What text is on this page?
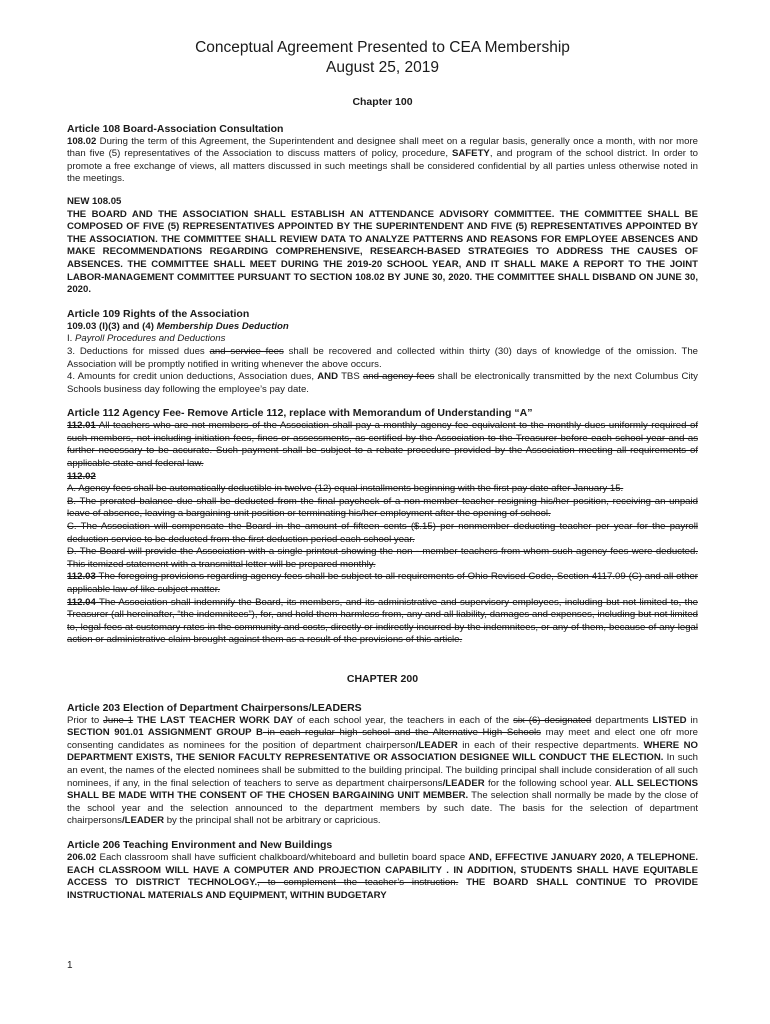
Conceptual Agreement Presented to CEA Membership
August 25, 2019
Chapter 100
Article 108 Board-Association Consultation

108.02 During the term of this Agreement, the Superintendent and designee shall meet on a regular basis, generally once a month, with nor more than five (5) representatives of the Association to discuss matters of policy, procedure, SAFETY, and program of the school district. In order to promote a free exchange of views, all matters discussed in such meetings shall be considered confidential by all parties unless otherwise noted in the meetings.

NEW 108.05

THE BOARD AND THE ASSOCIATION SHALL ESTABLISH AN ATTENDANCE ADVISORY COMMITTEE. THE COMMITTEE SHALL BE COMPOSED OF FIVE (5) REPRESENTATIVES APPOINTED BY THE SUPERINTENDENT AND FIVE (5) REPRESENTATIVES APPOINTED BY THE ASSOCIATION. THE COMMITTEE SHALL REVIEW DATA TO ANALYZE PATTERNS AND REASONS FOR EMPLOYEE ABSENCES AND MAKE RECOMMENDATIONS REGARDING COMPREHENSIVE, RESEARCH-BASED STRATEGIES TO ADDRESS THE CAUSES OF ABSENCES. THE COMMITTEE SHALL MEET DURING THE 2019-20 SCHOOL YEAR, AND IT SHALL MAKE A REPORT TO THE JOINT LABOR-MANAGEMENT COMMITTEE PURSUANT TO SECTION 108.02 BY JUNE 30, 2020. THE COMMITTEE SHALL DISBAND ON JUNE 30, 2020.

Article 109 Rights of the Association

109.03 (I)(3) and (4) Membership Dues Deduction

I. Payroll Procedures and Deductions

3. Deductions for missed dues and service fees shall be recovered and collected within thirty (30) days of knowledge of the omission. The Association will be promptly notified in writing whenever the above occurs.

4. Amounts for credit union deductions, Association dues, AND TBS and agency fees shall be electronically transmitted by the next Columbus City Schools business day following the employee’s pay date.

Article 112 Agency Fee- Remove Article 112, replace with Memorandum of Understanding “A”

112.01 All teachers who are not members of the Association shall pay a monthly agency fee equivalent to the monthly dues uniformly required of such members, not including initiation fees, fines or assessments, as certified by the Association to the Treasurer before each school year and as further necessary to be accurate. Such payment shall be subject to a rebate procedure provided by the Association meeting all requirements of applicable state and federal law.

112.02

A. Agency fees shall be automatically deductible in twelve (12) equal installments beginning with the first pay date after January 15.

B. The prorated balance due shall be deducted from the final paycheck of a non-member teacher resigning his/her position, receiving an unpaid leave of absence, leaving a bargaining unit position or terminating his/her employment after the opening of school.

C. The Association will compensate the Board in the amount of fifteen cents ($.15) per nonmember deducting teacher per year for the payroll deduction service to be deducted from the first deduction period each school year.

D. The Board will provide the Association with a single printout showing the non - member teachers from whom such agency fees were deducted. This itemized statement with a transmittal letter will be prepared monthly.

112.03 The foregoing provisions regarding agency fees shall be subject to all requirements of Ohio Revised Code, Section 4117.09 (C) and all other applicable law of like subject matter.

112.04 The Association shall indemnify the Board, its members, and its administrative and supervisory employees, including but not limited to, the Treasurer (all hereinafter, “the indemnitees”), for, and hold them harmless from, any and all liability, damages and expenses, including but not limited to, legal fees at customary rates in the community and costs, directly or indirectly incurred by the indemnitees, or any of them, because of any legal action or administrative claim brought against them as a result of the provisions of this article.

CHAPTER 200
Article 203 Election of Department Chairpersons/LEADERS

Prior to June 1 THE LAST TEACHER WORK DAY of each school year, the teachers in each of the six (6) designated departments LISTED in SECTION 901.01 ASSIGNMENT GROUP B in each regular high school and the Alternative High Schools may meet and elect one ofr more consenting candidates as nominees for the position of department chairperson/LEADER in each of their respective departments. WHERE NO DEPARTMENT EXISTS, THE SENIOR FACULTY REPRESENTATIVE OR ASSOCIATION DESIGNEE WILL CONDUCT THE ELECTION. In such an event, the names of the elected nominees shall be submitted to the building principal. The building principal shall include consideration of all such nominees, if any, in the final selection of teachers to serve as department chairpersons/LEADER for the following school year. ALL SELECTIONS SHALL BE MADE WITH THE CONSENT OF THE CHOSEN BARGAINING UNIT MEMBER. The selection shall normally be made by the close of the school year and the selection announced to the department members by such date. The basis for the selection of department chairpersons/LEADER by the principal shall not be arbitrary or capricious.

Article 206 Teaching Environment and New Buildings

206.02 Each classroom shall have sufficient chalkboard/whiteboard and bulletin board space AND, EFFECTIVE JANUARY 2020, A TELEPHONE. EACH CLASSROOM WILL HAVE A COMPUTER AND PROJECTION CAPABILITY . IN ADDITION, STUDENTS SHALL HAVE EQUITABLE ACCESS TO DISTRICT TECHNOLOGY., to complement the teacher’s instruction. THE BOARD SHALL CONTINUE TO PROVIDE INSTRUCTIONAL MATERIALS AND EQUIPMENT, WITHIN BUDGETARY

1
